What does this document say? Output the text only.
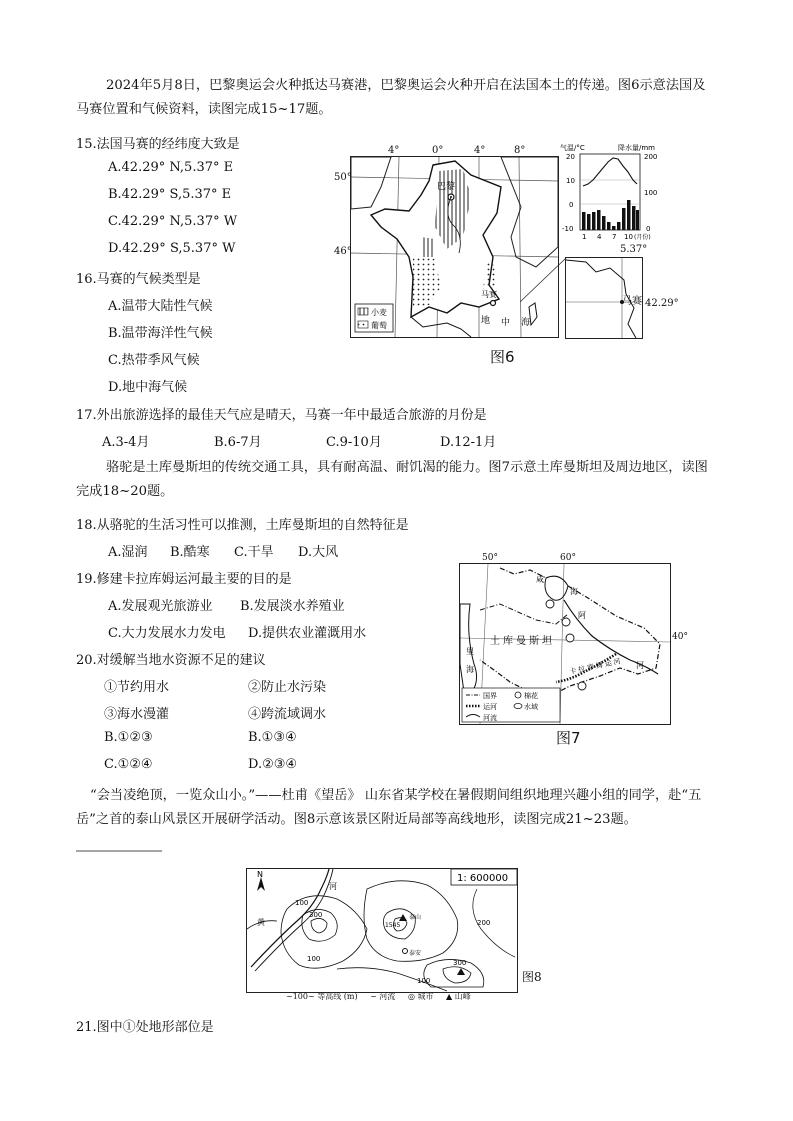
2024年5月8日，巴黎奥运会火种抵达马赛港，巴黎奥运会火种开启在法国本土的传递。图6示意法国及马赛位置和气候资料，读图完成15~17题。
15.法国马赛的经纬度大致是
A.42.29° N,5.37° E
B.42.29° S,5.37° E
C.42.29° N,5.37° W
D.42.29° S,5.37° W
16.马赛的气候类型是
A.温带大陆性气候
B.温带海洋性气候
C.热带季风气候
D.地中海气候
小麦
葡萄
巴黎
地 中 海
马赛
4°	0°	4°	8°
50°
46°
气温/°C	降水量/mm
20
10
0
-10
200
100
0
1 4 7 10 (月份)
5.37°
马赛 42.29°
图6
17.外出旅游选择的最佳天气应是晴天，马赛一年中最适合旅游的月份是
A.3-4月	B.6-7月	C.9-10月	D.12-1月
骆驼是土库曼斯坦的传统交通工具，具有耐高温、耐饥渴的能力。图7示意土库曼斯坦及周边地区，读图完成18~20题。
18.从骆驼的生活习性可以推测，土库曼斯坦的自然特征是
A.湿润 B.酷寒 C.干旱 D.大风
19.修建卡拉库姆运河最主要的目的是
A.发展观光旅游业 B.发展淡水养殖业
C.大力发展水力发电 D.提供农业灌溉用水
20.对缓解当地水资源不足的建议
①节约用水	②防止水污染
③海水漫灌	④跨流域调水
B.①②③	B.①③④
C.①②④	D.②③④
50°	60°
国界
运河
河流
棉花
水域
咸
海
阿
土库曼斯坦
里
海	卡拉库姆运河 河
40°
图7
“会当凌绝顶，一览众山小。”——杜甫《望岳》 山东省某学校在暑假期间组织地理兴趣小组的同学，赴“五岳”之首的泰山风景区开展研学活动。图8示意该景区附近局部等高线地形，读图完成21~23题。
N	1: 600000
河
黄
100
300	泰山
1545	200
泰安
100
100
300
图8
~100~ 等高线 (m) ~ 河流 ◎ 城市 ▲ 山峰
21.图中①处地形部位是
